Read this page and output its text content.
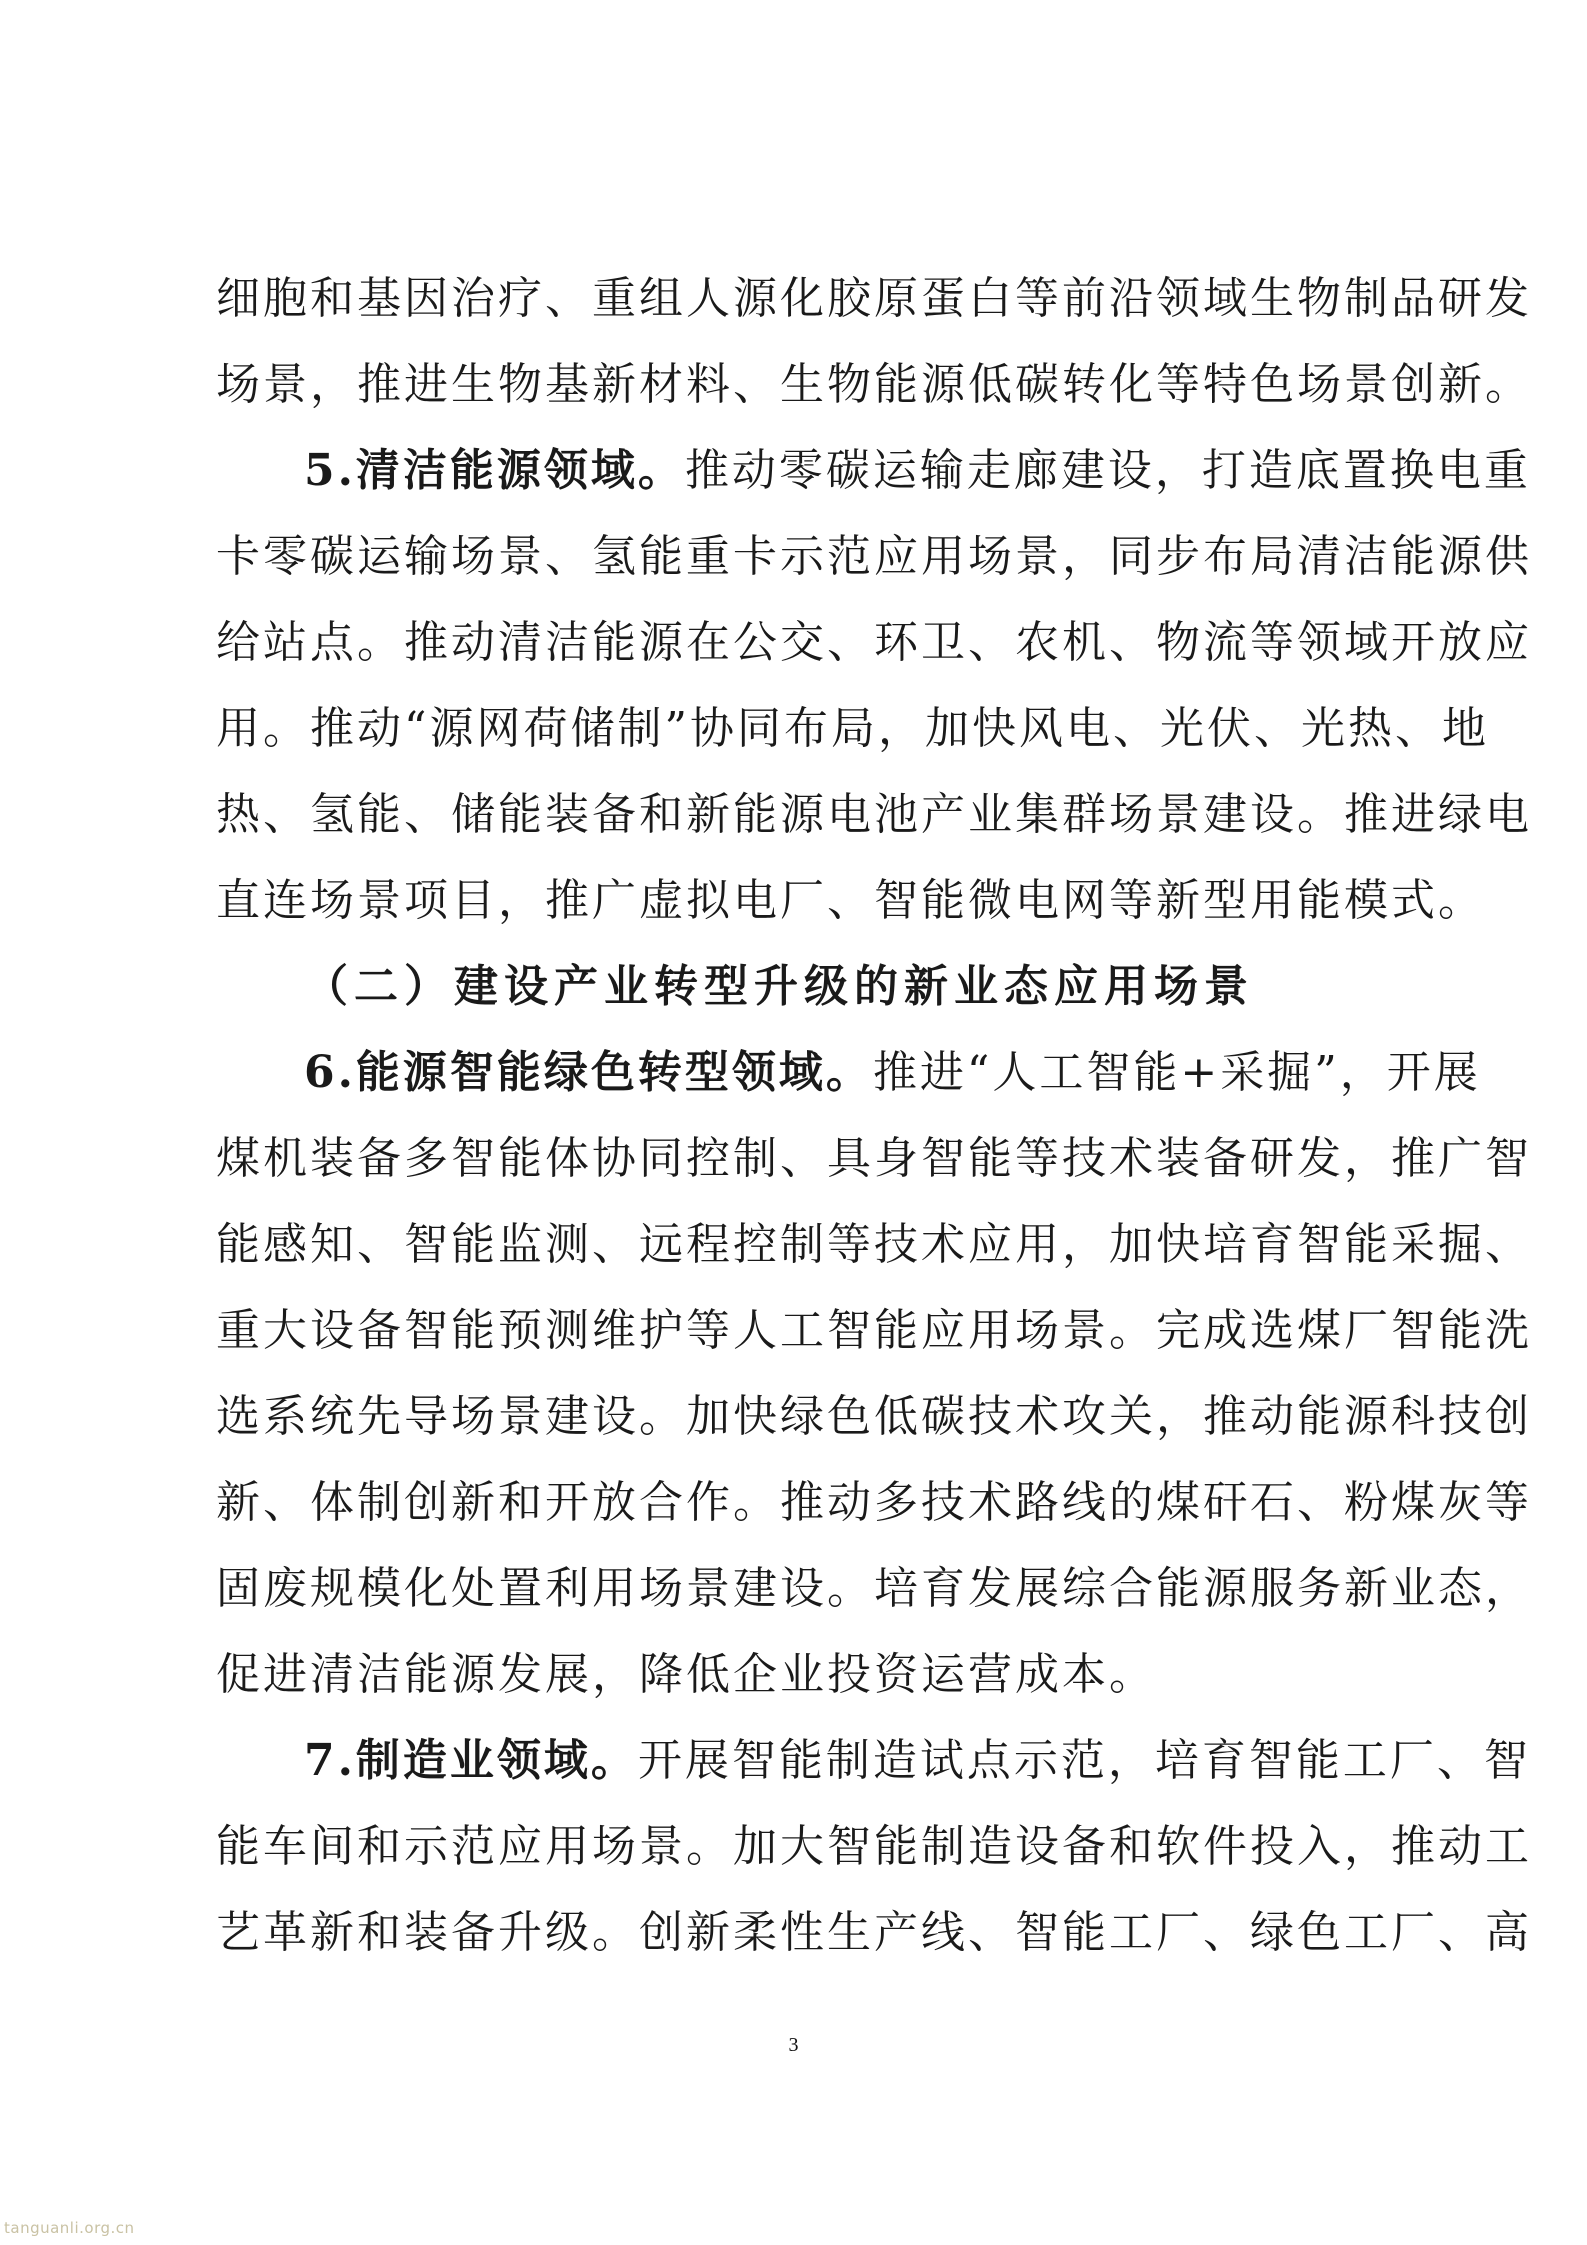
细胞和基因治疗、重组人源化胶原蛋白等前沿领域生物制品研发
场景，推进生物基新材料、生物能源低碳转化等特色场景创新。
5.清洁能源领域。推动零碳运输走廊建设，打造底置换电重
卡零碳运输场景、氢能重卡示范应用场景，同步布局清洁能源供
给站点。推动清洁能源在公交、环卫、农机、物流等领域开放应
用。推动“源网荷储制”协同布局，加快风电、光伏、光热、地
热、氢能、储能装备和新能源电池产业集群场景建设。推进绿电
直连场景项目，推广虚拟电厂、智能微电网等新型用能模式。
（二）建设产业转型升级的新业态应用场景
6.能源智能绿色转型领域。推进“人工智能+采掘”，开展
煤机装备多智能体协同控制、具身智能等技术装备研发，推广智
能感知、智能监测、远程控制等技术应用，加快培育智能采掘、
重大设备智能预测维护等人工智能应用场景。完成选煤厂智能洗
选系统先导场景建设。加快绿色低碳技术攻关，推动能源科技创
新、体制创新和开放合作。推动多技术路线的煤矸石、粉煤灰等
固废规模化处置利用场景建设。培育发展综合能源服务新业态，
促进清洁能源发展，降低企业投资运营成本。
7.制造业领域。开展智能制造试点示范，培育智能工厂、智
能车间和示范应用场景。加大智能制造设备和软件投入，推动工
艺革新和装备升级。创新柔性生产线、智能工厂、绿色工厂、高
3
tanguanli.org.cn
